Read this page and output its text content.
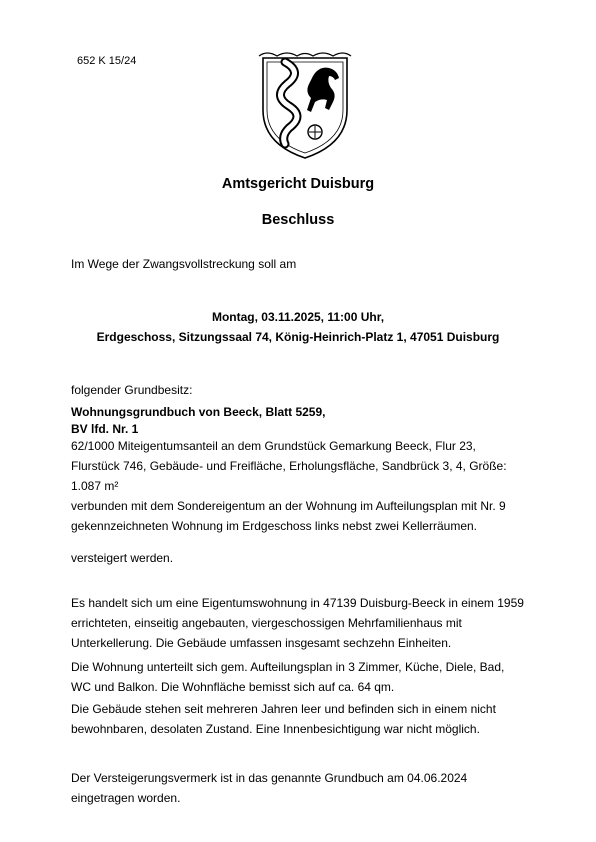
652 K 15/24
Amtsgericht Duisburg
Beschluss
Im Wege der Zwangsvollstreckung soll am
Montag, 03.11.2025, 11:00 Uhr,
Erdgeschoss, Sitzungssaal 74, König-Heinrich-Platz 1, 47051 Duisburg
folgender Grundbesitz:
Wohnungsgrundbuch von Beeck, Blatt 5259,
BV lfd. Nr. 1
62/1000 Miteigentumsanteil an dem Grundstück Gemarkung Beeck, Flur 23,
Flurstück 746, Gebäude- und Freifläche, Erholungsfläche, Sandbrück 3, 4, Größe:
1.087 m²
verbunden mit dem Sondereigentum an der Wohnung im Aufteilungsplan mit Nr. 9
gekennzeichneten Wohnung im Erdgeschoss links nebst zwei Kellerräumen.
versteigert werden.
Es handelt sich um eine Eigentumswohnung in 47139 Duisburg-Beeck in einem 1959
errichteten, einseitig angebauten, viergeschossigen Mehrfamilienhaus mit
Unterkellerung. Die Gebäude umfassen insgesamt sechzehn Einheiten.
Die Wohnung unterteilt sich gem. Aufteilungsplan in 3 Zimmer, Küche, Diele, Bad,
WC und Balkon. Die Wohnfläche bemisst sich auf ca. 64 qm.
Die Gebäude stehen seit mehreren Jahren leer und befinden sich in einem nicht
bewohnbaren, desolaten Zustand. Eine Innenbesichtigung war nicht möglich.
Der Versteigerungsvermerk ist in das genannte Grundbuch am 04.06.2024
eingetragen worden.
